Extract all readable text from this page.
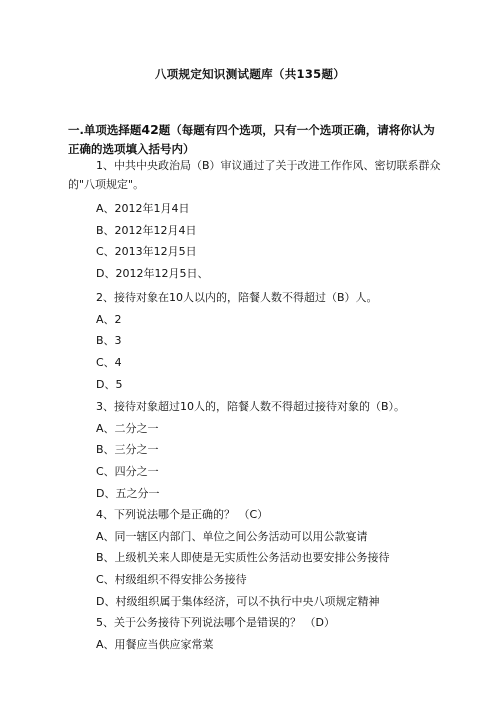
八项规定知识测试题库（共135题）
一.单项选择题42题（每题有四个选项，只有一个选项正确，请将你认为正确的选项填入括号内）
1、中共中央政治局（B）审议通过了关于改进工作作风、密切联系群众的"八项规定"。
A、2012年1月4日
B、2012年12月4日
C、2013年12月5日
D、2012年12月5日、
2、接待对象在10人以内的，陪餐人数不得超过（B）人。
A、2
B、3
C、4
D、5
3、接待对象超过10人的，陪餐人数不得超过接待对象的（B）。
A、二分之一
B、三分之一
C、四分之一
D、五之分一
4、下列说法哪个是正确的？ （C）
A、同一辖区内部门、单位之间公务活动可以用公款宴请
B、上级机关来人即使是无实质性公务活动也要安排公务接待
C、村级组织不得安排公务接待
D、村级组织属于集体经济，可以不执行中央八项规定精神
5、关于公务接待下列说法哪个是错误的？ （D）
A、用餐应当供应家常菜
